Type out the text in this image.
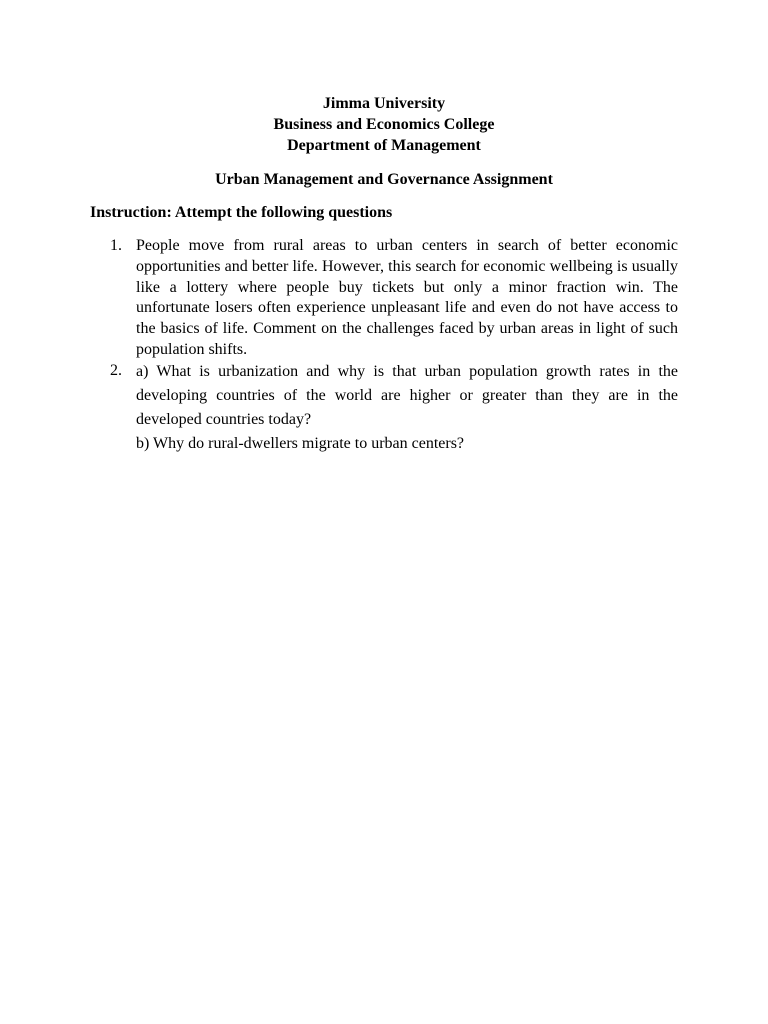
Jimma University
Business and Economics College
Department of Management
Urban Management and Governance Assignment
Instruction: Attempt the following questions
1. People move from rural areas to urban centers in search of better economic opportunities and better life. However, this search for economic wellbeing is usually like a lottery where people buy tickets but only a minor fraction win. The unfortunate losers often experience unpleasant life and even do not have access to the basics of life. Comment on the challenges faced by urban areas in light of such population shifts.
2. a) What is urbanization and why is that urban population growth rates in the developing countries of the world are higher or greater than they are in the developed countries today?
b) Why do rural-dwellers migrate to urban centers?
